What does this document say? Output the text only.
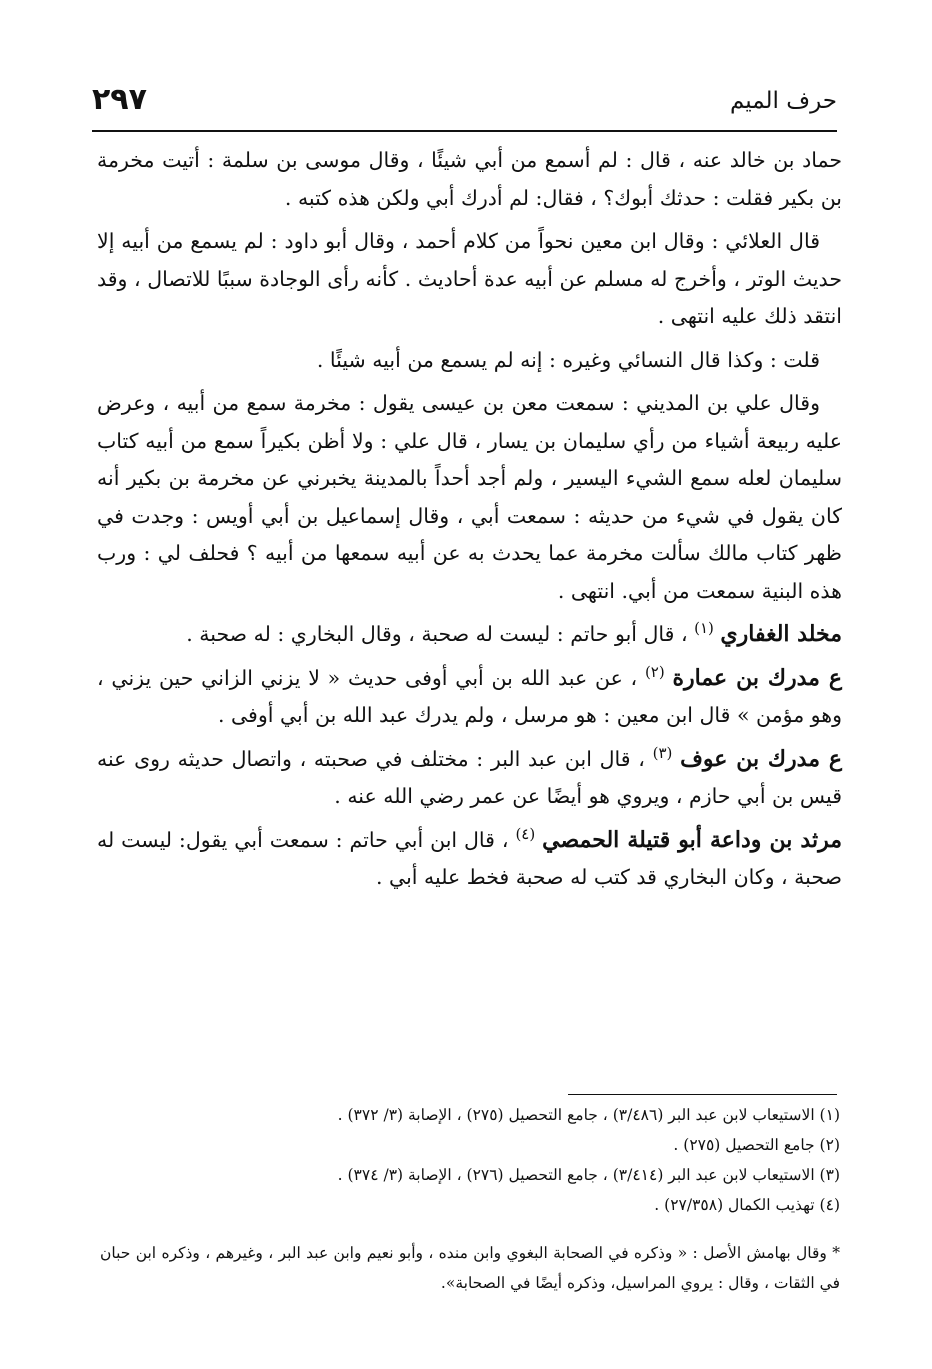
٢٩٧	حرف الميم

حماد بن خالد عنه ، قال : لم أسمع من أبي شيئًا ، وقال موسى بن سلمة : أتيت مخرمة بن بكير فقلت : حدثك أبوك؟ ، فقال: لم أدرك أبي ولكن هذه كتبه .

قال العلائي : وقال ابن معين نحواً من كلام أحمد ، وقال أبو داود : لم يسمع من أبيه إلا حديث الوتر ، وأخرج له مسلم عن أبيه عدة أحاديث . كأنه رأى الوجادة سببًا للاتصال ، وقد انتقد ذلك عليه انتهى .

قلت : وكذا قال النسائي وغيره : إنه لم يسمع من أبيه شيئًا .

وقال علي بن المديني : سمعت معن بن عيسى يقول : مخرمة سمع من أبيه ، وعرض عليه ربيعة أشياء من رأي سليمان بن يسار ، قال علي : ولا أظن بكيراً سمع من أبيه كتاب سليمان لعله سمع الشيء اليسير ، ولم أجد أحداً بالمدينة يخبرني عن مخرمة بن بكير أنه كان يقول في شيء من حديثه : سمعت أبي ، وقال إسماعيل بن أبي أويس : وجدت في ظهر كتاب مالك سألت مخرمة عما يحدث به عن أبيه سمعها من أبيه ؟ فحلف لي : ورب هذه البنية سمعت من أبي. انتهى .

مخلد الغفاري $^{(١)}$ ، قال أبو حاتم : ليست له صحبة ، وقال البخاري : له صحبة .

ع مدرك بن عمارة $^{(٢)}$ ، عن عبد الله بن أبي أوفى حديث « لا يزني الزاني حين يزني ، وهو مؤمن » قال ابن معين : هو مرسل ، ولم يدرك عبد الله بن أبي أوفى .

ع مدرك بن عوف $^{(٣)}$ ، قال ابن عبد البر : مختلف في صحبته ، واتصال حديثه روى عنه قيس بن أبي حازم ، ويروي هو أيضًا عن عمر رضي الله عنه .

مرثد بن وداعة أبو قتيلة الحمصي $^{(٤)}$ ، قال ابن أبي حاتم : سمعت أبي يقول: ليست له صحبة ، وكان البخاري قد كتب له صحبة فخط عليه أبي .

(١) الاستيعاب لابن عبد البر (٣/٤٨٦) ، جامع التحصيل (٢٧٥) ، الإصابة (٣/ ٣٧٢) .
(٢) جامع التحصيل (٢٧٥) .
(٣) الاستيعاب لابن عبد البر (٣/٤١٤) ، جامع التحصيل (٢٧٦) ، الإصابة (٣/ ٣٧٤) .
(٤) تهذيب الكمال (٢٧/٣٥٨) .
* وقال بهامش الأصل : « وذكره في الصحابة البغوي وابن منده ، وأبو نعيم وابن عبد البر ، وغيرهم ، وذكره ابن حبان في الثقات ، وقال : يروي المراسيل، وذكره أيضًا في الصحابة».
